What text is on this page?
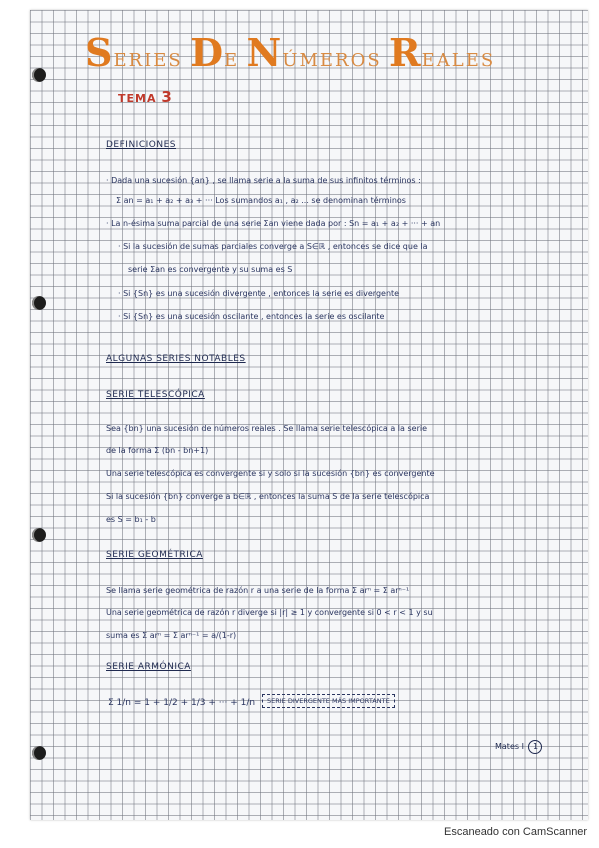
SERIES DE NÚMEROS REALES
TEMA 3
DEFINICIONES
· Dada una sucesión {an} , se llama serie a la suma de sus infinitos términos :
Σ an = a₁ + a₂ + a₃ + ··· Los sumandos a₁ , a₂ ... se denominan términos
· La n-ésima suma parcial de una serie Σan viene dada por : Sn = a₁ + a₂ + ··· + an
· Si la sucesión de sumas parciales converge a S∈ℝ , entonces se dice que la
serie Σan es convergente y su suma es S
· Si {Sn} es una sucesión divergente , entonces la serie es divergente
· Si {Sn} es una sucesión oscilante , entonces la serie es oscilante
ALGUNAS SERIES NOTABLES
SERIE TELESCÓPICA
Sea {bn} una sucesión de números reales . Se llama serie telescópica a la serie
de la forma Σ (bn - bn+1)
Una serie telescópica es convergente si y solo si la sucesión {bn} es convergente
Si la sucesión {bn} converge a b∈ℝ , entonces la suma S de la serie telescópica
es S = b₁ - b
SERIE GEOMÉTRICA
Se llama serie geométrica de razón r a una serie de la forma Σ arⁿ = Σ arⁿ⁻¹
Una serie geométrica de razón r diverge si |r| ≥ 1 y convergente si 0 < r < 1 y su
suma es Σ arⁿ = Σ arⁿ⁻¹ = a/(1-r)
SERIE ARMÓNICA
Σ 1/n = 1 + 1/2 + 1/3 + ··· + 1/n	SERIE DIVERGENTE MÁS IMPORTANTE
Mates I 1
Escaneado con CamScanner
